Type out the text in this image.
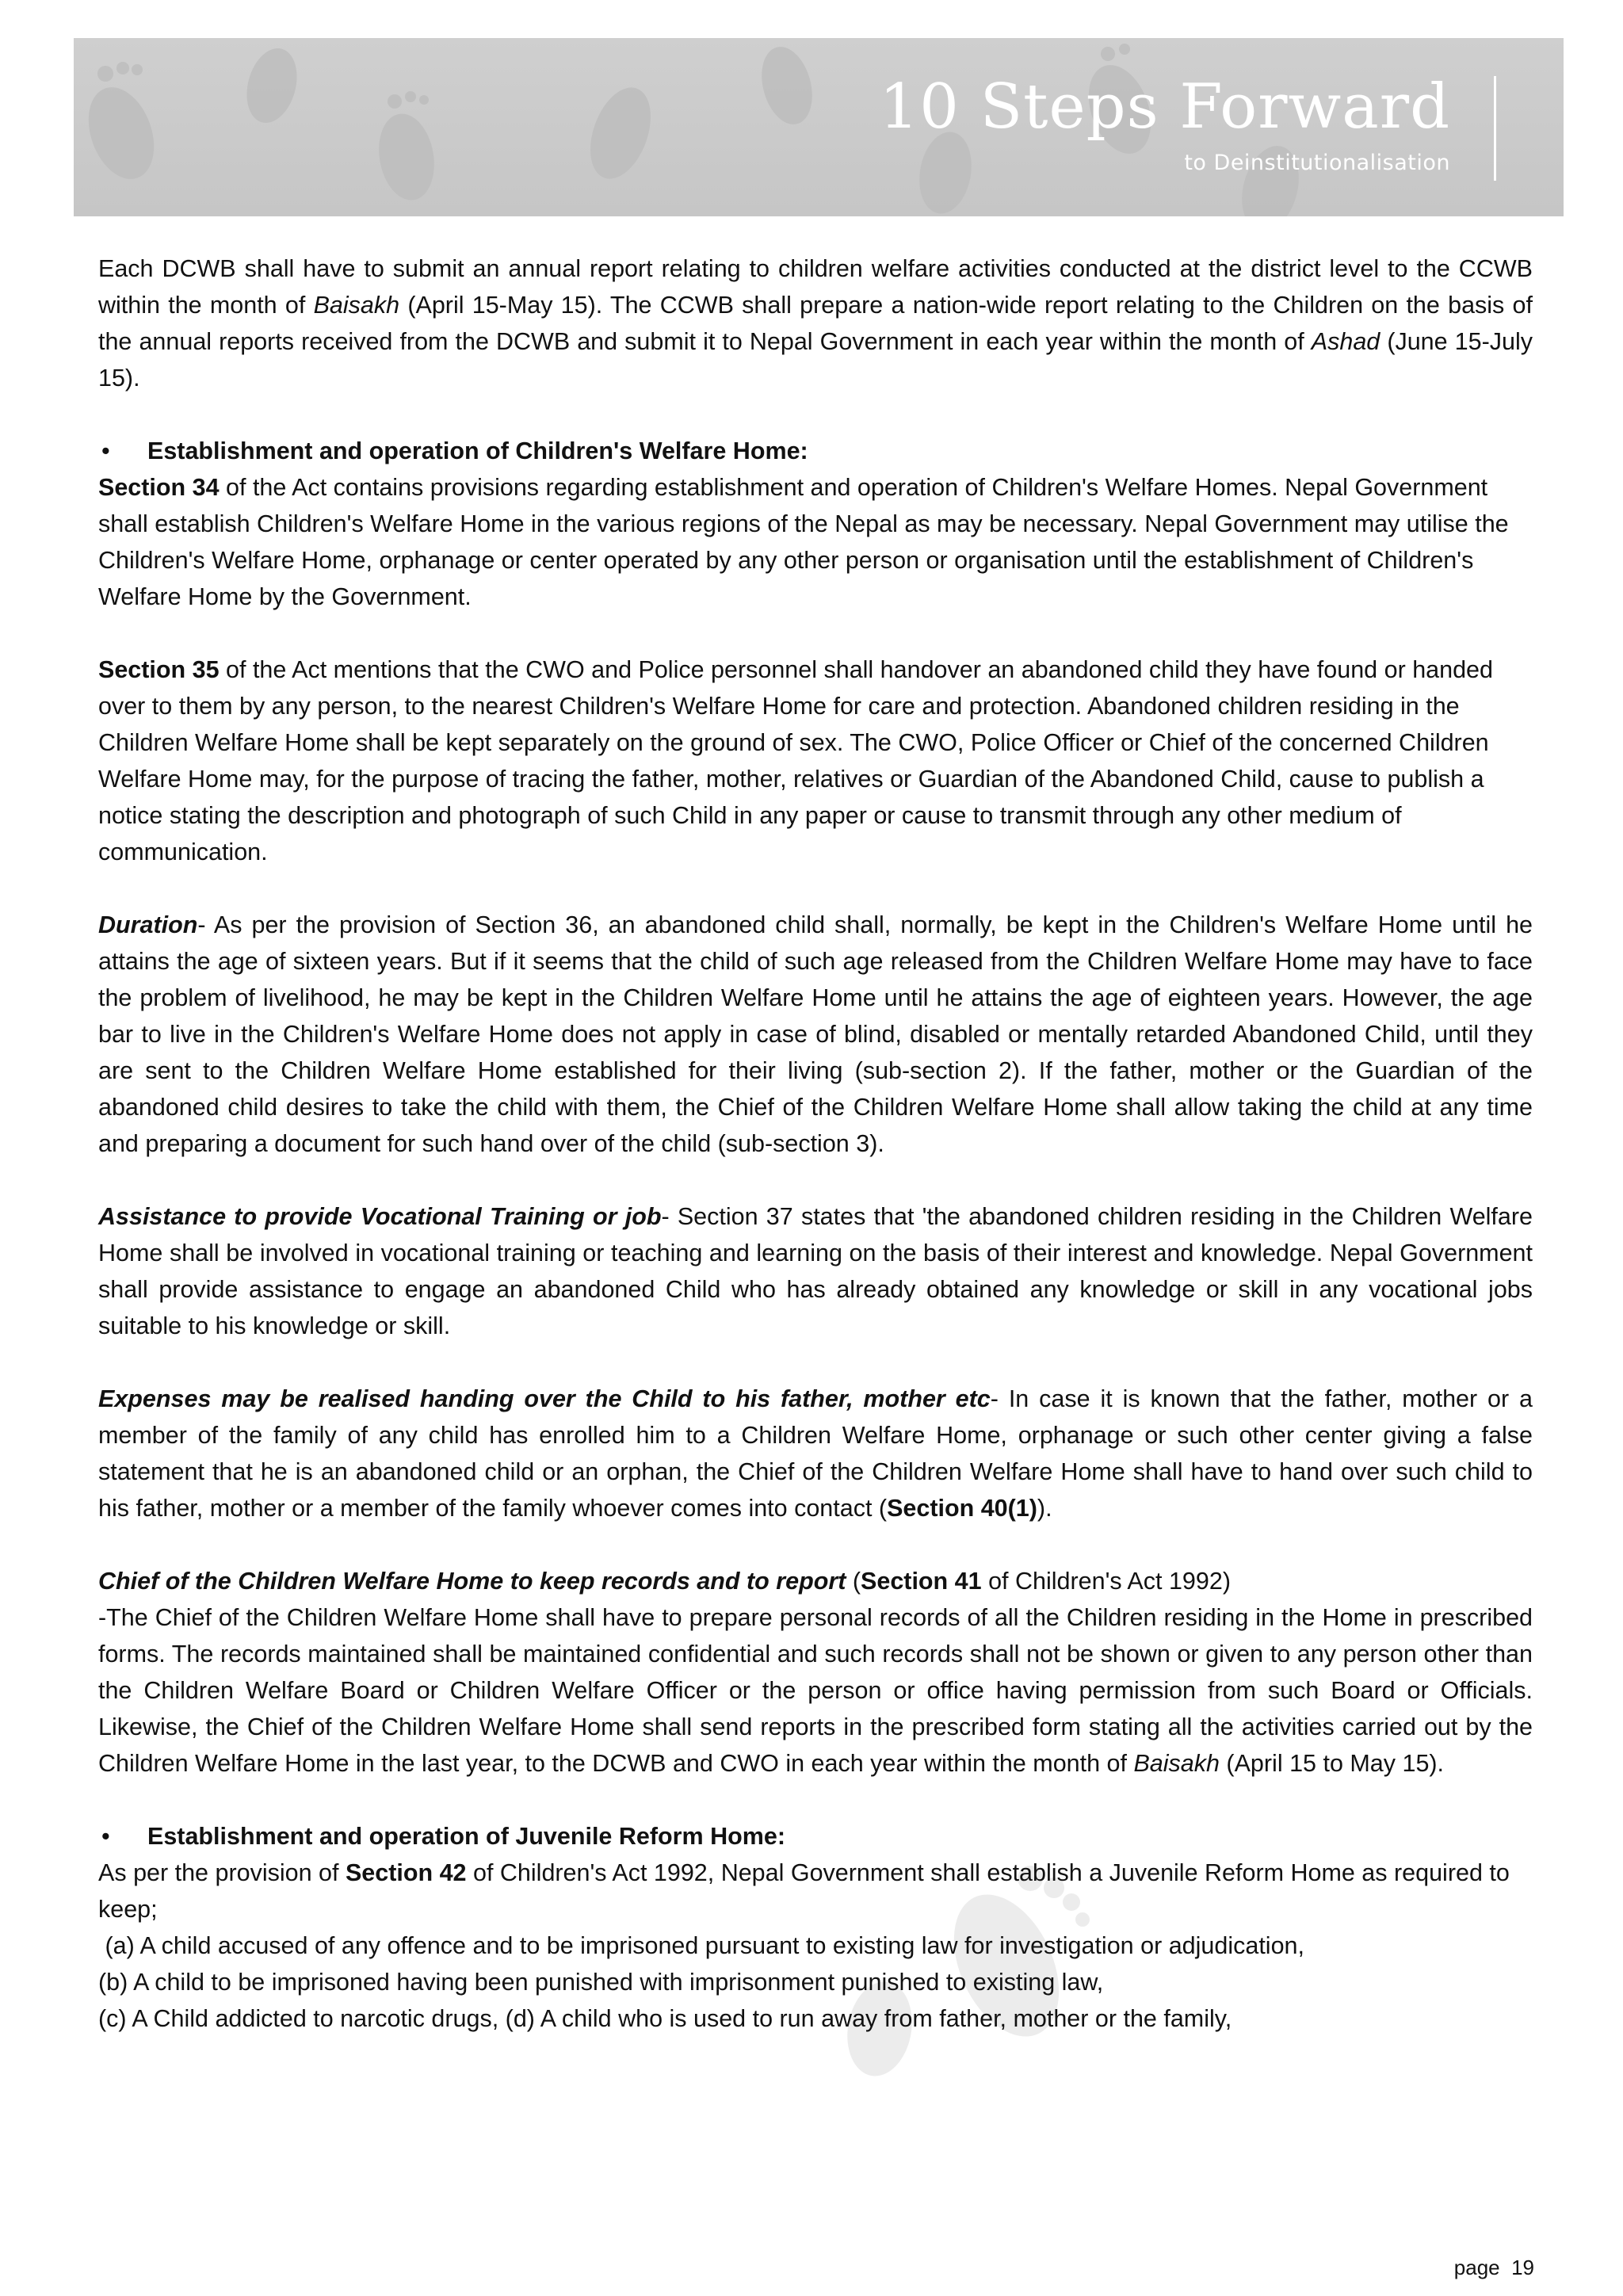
10 Steps Forward
to Deinstitutionalisation

Each DCWB shall have to submit an annual report relating to children welfare activities conducted at the district level to the CCWB within the month of Baisakh (April 15-May 15). The CCWB shall prepare a nation-wide report relating to the Children on the basis of the annual reports received from the DCWB and submit it to Nepal Government in each year within the month of Ashad (June 15-July 15).

• Establishment and operation of Children's Welfare Home:

Section 34 of the Act contains provisions regarding establishment and operation of Children's Welfare Homes. Nepal Government shall establish Children's Welfare Home in the various regions of the Nepal as may be necessary. Nepal Government may utilise the Children's Welfare Home, orphanage or center operated by any other person or organisation until the establishment of Children's Welfare Home by the Government.

Section 35 of the Act mentions that the CWO and Police personnel shall handover an abandoned child they have found or handed over to them by any person, to the nearest Children's Welfare Home for care and protection. Abandoned children residing in the Children Welfare Home shall be kept separately on the ground of sex. The CWO, Police Officer or Chief of the concerned Children Welfare Home may, for the purpose of tracing the father, mother, relatives or Guardian of the Abandoned Child, cause to publish a notice stating the description and photograph of such Child in any paper or cause to transmit through any other medium of communication.

Duration- As per the provision of Section 36, an abandoned child shall, normally, be kept in the Children's Welfare Home until he attains the age of sixteen years. But if it seems that the child of such age released from the Children Welfare Home may have to face the problem of livelihood, he may be kept in the Children Welfare Home until he attains the age of eighteen years. However, the age bar to live in the Children's Welfare Home does not apply in case of blind, disabled or mentally retarded Abandoned Child, until they are sent to the Children Welfare Home established for their living (sub-section 2). If the father, mother or the Guardian of the abandoned child desires to take the child with them, the Chief of the Children Welfare Home shall allow taking the child at any time and preparing a document for such hand over of the child (sub-section 3).

Assistance to provide Vocational Training or job- Section 37 states that 'the abandoned children residing in the Children Welfare Home shall be involved in vocational training or teaching and learning on the basis of their interest and knowledge. Nepal Government shall provide assistance to engage an abandoned Child who has already obtained any knowledge or skill in any vocational jobs suitable to his knowledge or skill.

Expenses may be realised handing over the Child to his father, mother etc- In case it is known that the father, mother or a member of the family of any child has enrolled him to a Children Welfare Home, orphanage or such other center giving a false statement that he is an abandoned child or an orphan, the Chief of the Children Welfare Home shall have to hand over such child to his father, mother or a member of the family whoever comes into contact (Section 40(1)).

Chief of the Children Welfare Home to keep records and to report (Section 41 of Children's Act 1992)

-The Chief of the Children Welfare Home shall have to prepare personal records of all the Children residing in the Home in prescribed forms. The records maintained shall be maintained confidential and such records shall not be shown or given to any person other than the Children Welfare Board or Children Welfare Officer or the person or office having permission from such Board or Officials. Likewise, the Chief of the Children Welfare Home shall send reports in the prescribed form stating all the activities carried out by the Children Welfare Home in the last year, to the DCWB and CWO in each year within the month of Baisakh (April 15 to May 15).

• Establishment and operation of Juvenile Reform Home:

As per the provision of Section 42 of Children's Act 1992, Nepal Government shall establish a Juvenile Reform Home as required to keep;

(a) A child accused of any offence and to be imprisoned pursuant to existing law for investigation or adjudication,
(b) A child to be imprisoned having been punished with imprisonment punished to existing law,
(c) A Child addicted to narcotic drugs, (d) A child who is used to run away from father, mother or the family,
page 19
